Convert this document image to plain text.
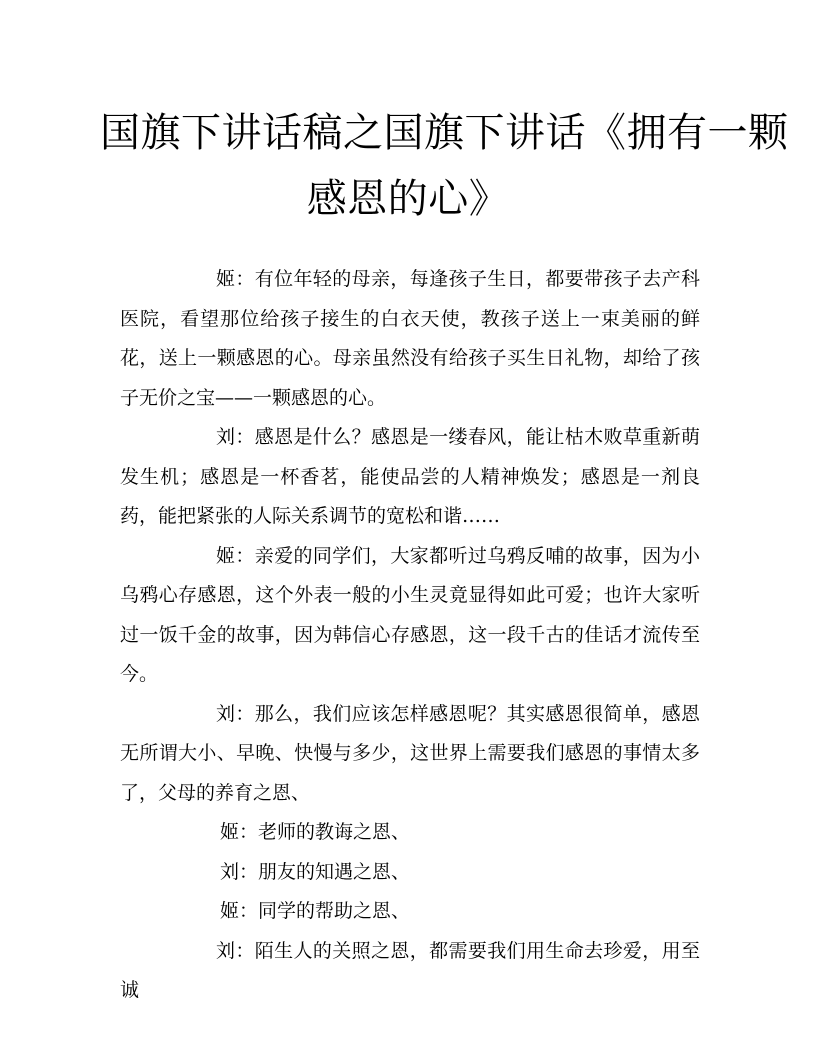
国旗下讲话稿之国旗下讲话《拥有一颗
感恩的心》

姬：有位年轻的母亲，每逢孩子生日，都要带孩子去产科医院，看望那位给孩子接生的白衣天使，教孩子送上一束美丽的鲜花，送上一颗感恩的心。母亲虽然没有给孩子买生日礼物，却给了孩子无价之宝——一颗感恩的心。

刘：感恩是什么？感恩是一缕春风，能让枯木败草重新萌发生机；感恩是一杯香茗，能使品尝的人精神焕发；感恩是一剂良药，能把紧张的人际关系调节的宽松和谐……

姬：亲爱的同学们，大家都听过乌鸦反哺的故事，因为小乌鸦心存感恩，这个外表一般的小生灵竟显得如此可爱；也许大家听过一饭千金的故事，因为韩信心存感恩，这一段千古的佳话才流传至今。

刘：那么，我们应该怎样感恩呢？其实感恩很简单，感恩无所谓大小、早晚、快慢与多少，这世界上需要我们感恩的事情太多了，父母的养育之恩、

姬：老师的教诲之恩、

刘：朋友的知遇之恩、

姬：同学的帮助之恩、

刘：陌生人的关照之恩，都需要我们用生命去珍爱，用至诚
